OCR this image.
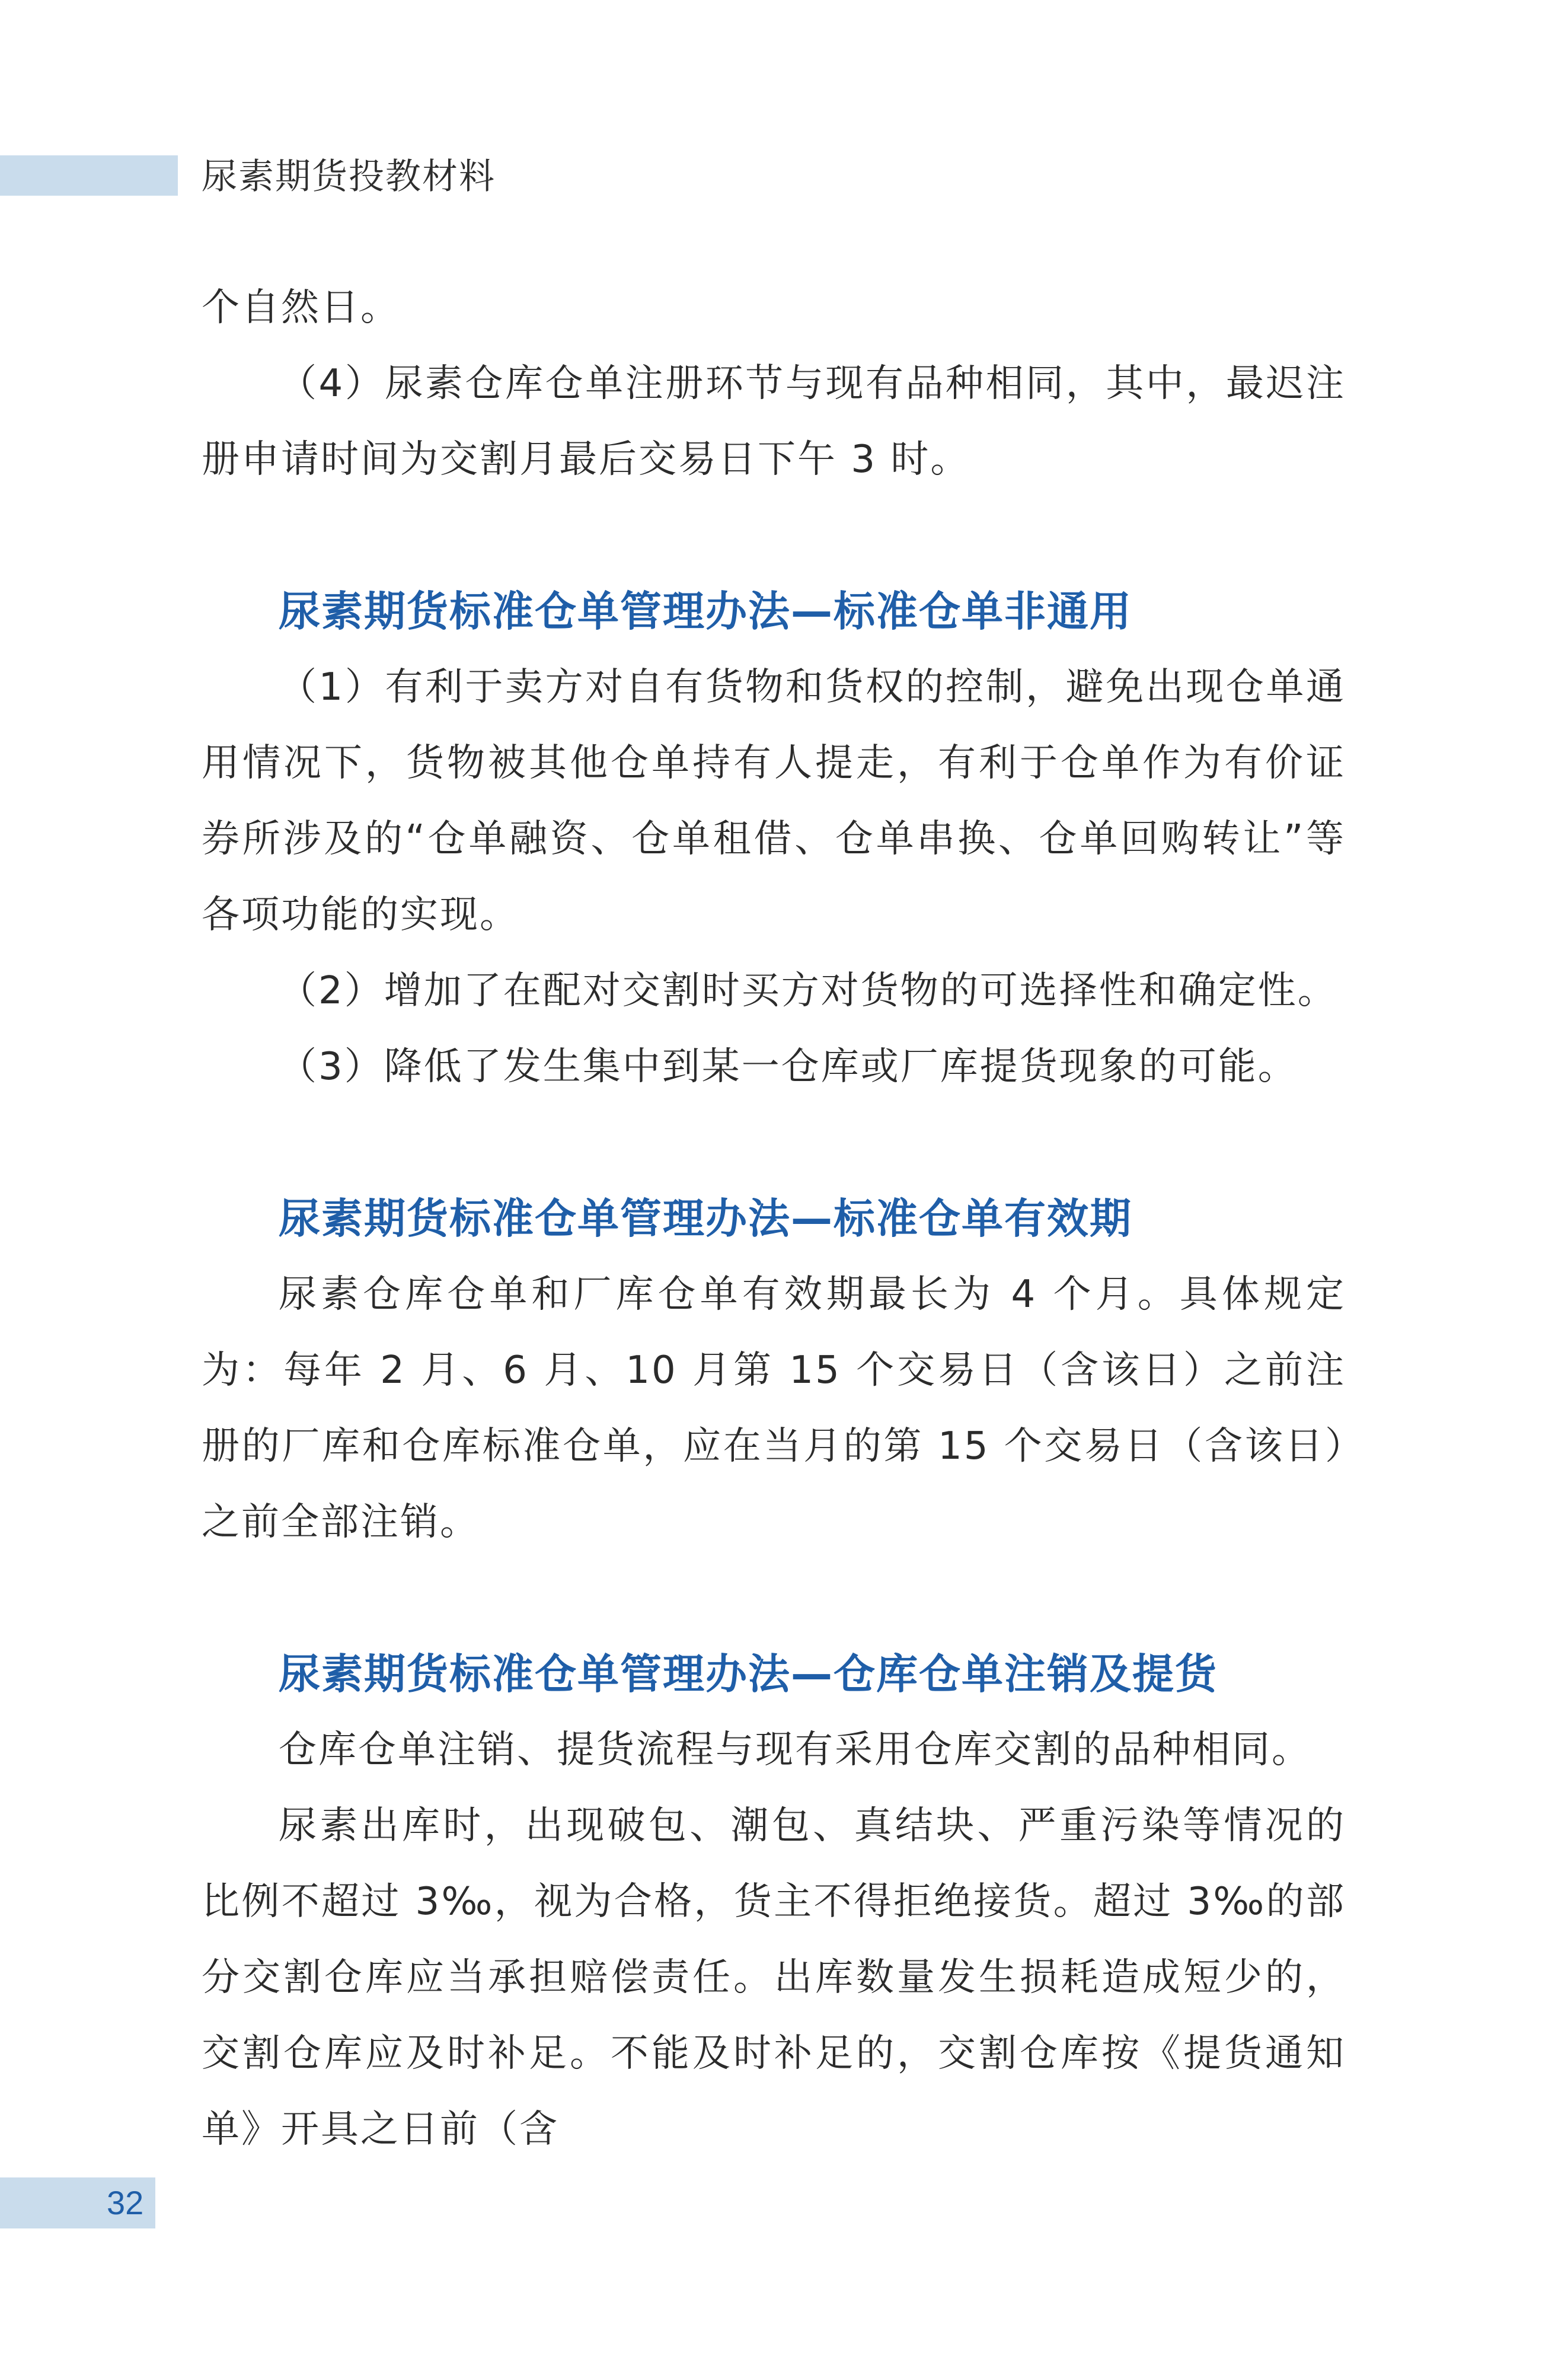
尿素期货投教材料

个自然日。

（4）尿素仓库仓单注册环节与现有品种相同，其中，最迟注册申请时间为交割月最后交易日下午 3 时。

尿素期货标准仓单管理办法—标准仓单非通用

（1）有利于卖方对自有货物和货权的控制，避免出现仓单通用情况下，货物被其他仓单持有人提走，有利于仓单作为有价证券所涉及的“仓单融资、仓单租借、仓单串换、仓单回购转让”等各项功能的实现。

（2）增加了在配对交割时买方对货物的可选择性和确定性。

（3）降低了发生集中到某一仓库或厂库提货现象的可能。

尿素期货标准仓单管理办法—标准仓单有效期

尿素仓库仓单和厂库仓单有效期最长为 4 个月。具体规定为：每年 2 月、6 月、10 月第 15 个交易日（含该日）之前注册的厂库和仓库标准仓单，应在当月的第 15 个交易日（含该日）之前全部注销。

尿素期货标准仓单管理办法—仓库仓单注销及提货

仓库仓单注销、提货流程与现有采用仓库交割的品种相同。

尿素出库时，出现破包、潮包、真结块、严重污染等情况的比例不超过 3‰，视为合格，货主不得拒绝接货。超过 3‰的部分交割仓库应当承担赔偿责任。出库数量发生损耗造成短少的，交割仓库应及时补足。不能及时补足的，交割仓库按《提货通知单》开具之日前（含

32
